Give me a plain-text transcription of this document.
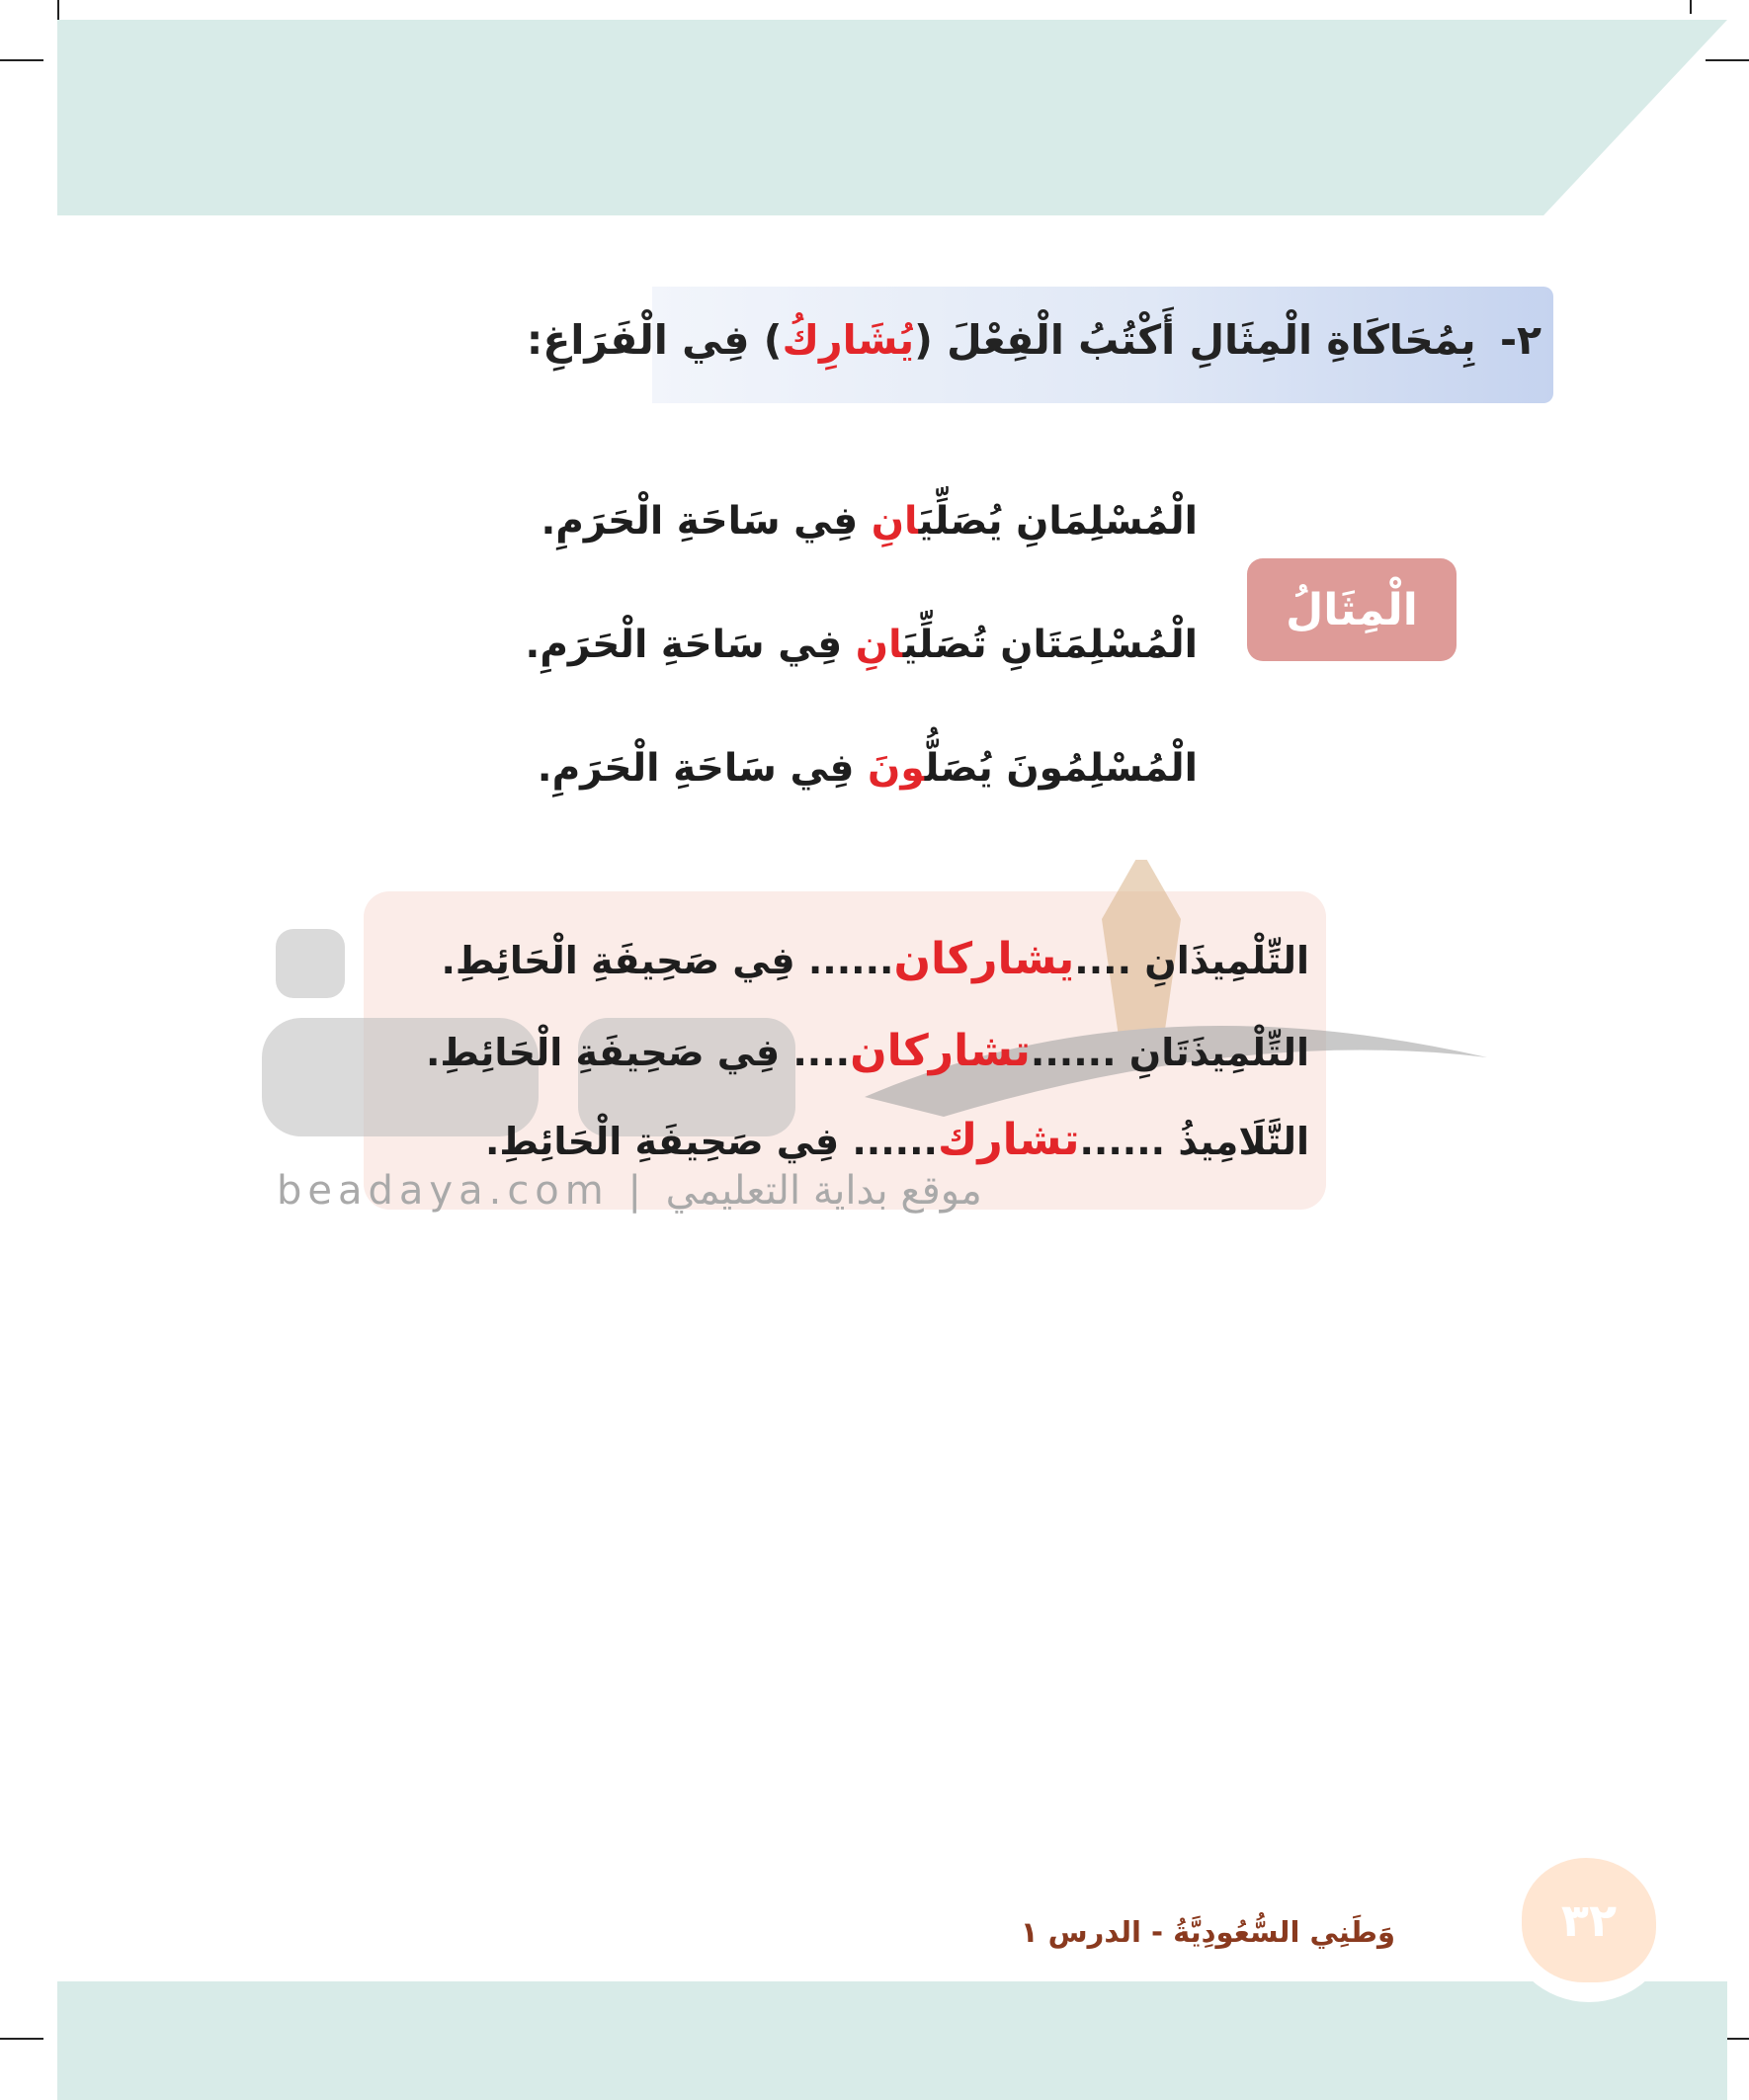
٢- بِمُحَاكَاةِ الْمِثَالِ أَكْتُبُ الْفِعْلَ (يُشَارِكُ) فِي الْفَرَاغِ:
الْمِثَالُ
الْمُسْلِمَانِ يُصَلِّيَانِ فِي سَاحَةِ الْحَرَمِ.
الْمُسْلِمَتَانِ تُصَلِّيَانِ فِي سَاحَةِ الْحَرَمِ.
الْمُسْلِمُونَ يُصَلُّونَ فِي سَاحَةِ الْحَرَمِ.
التِّلْمِيذَانِ ....يشاركان...... فِي صَحِيفَةِ الْحَائِطِ.
التِّلْمِيذَتَانِ ......تشاركان.... فِي صَحِيفَةِ الْحَائِطِ.
التَّلَامِيذُ ......تشارك...... فِي صَحِيفَةِ الْحَائِطِ.
beadaya.com | موقع بداية التعليمي
٣٢
وَطَنِي السُّعُودِيَّةُ - الدرس ١
